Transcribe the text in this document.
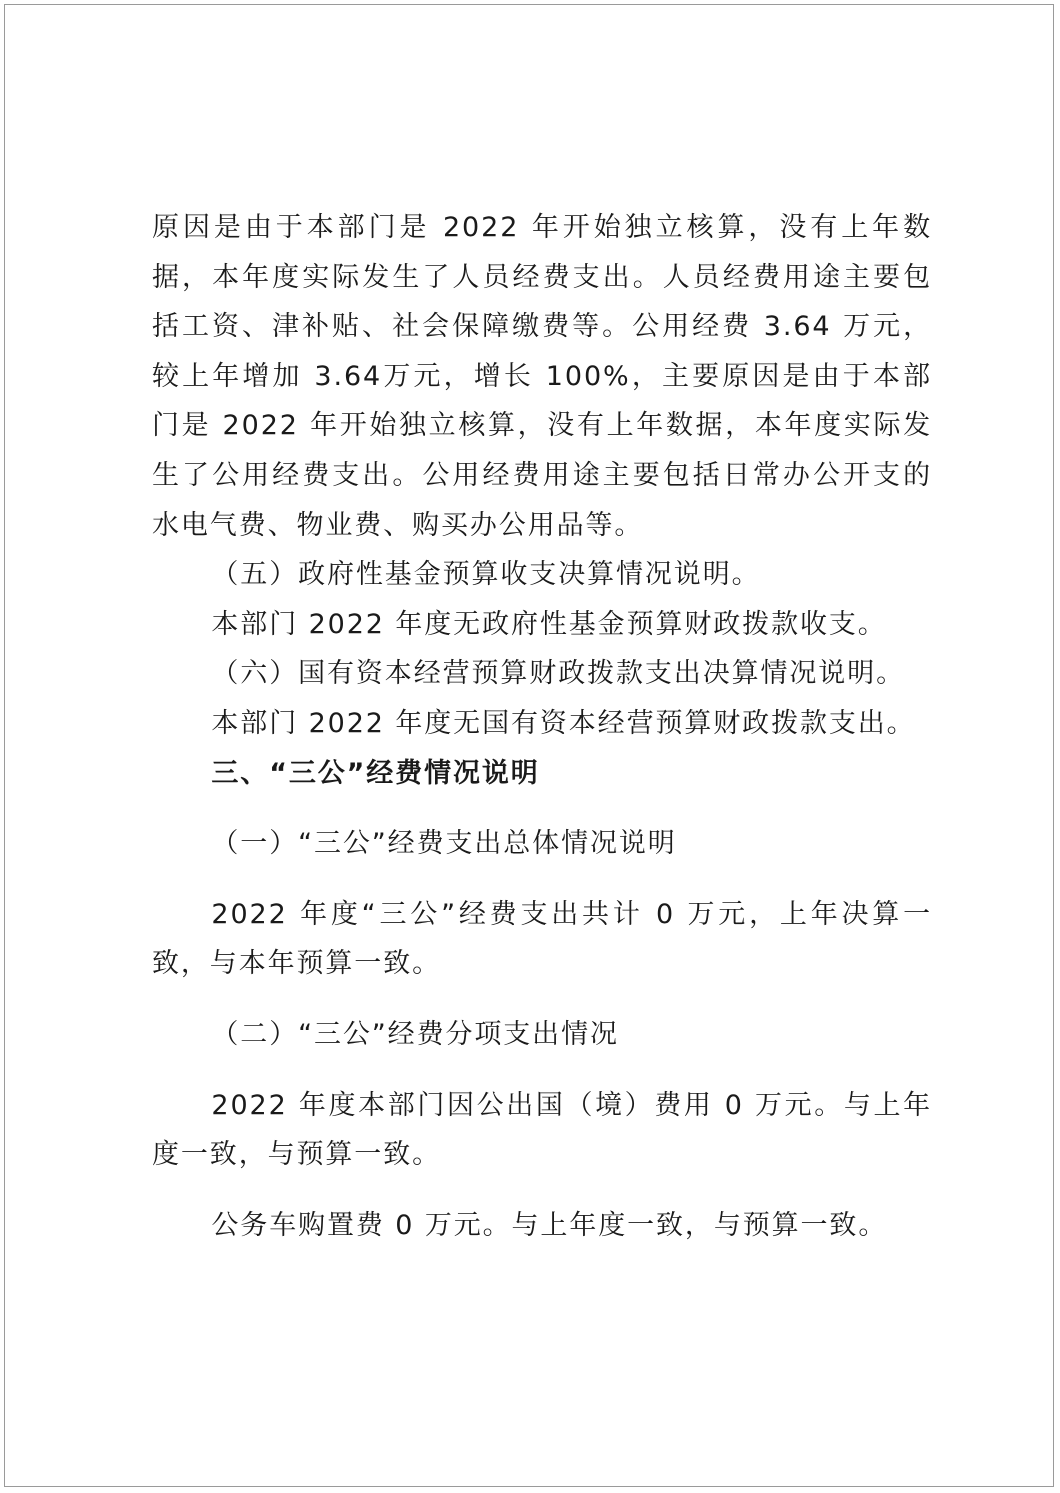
原因是由于本部门是 2022 年开始独立核算，没有上年数据，本年度实际发生了人员经费支出。人员经费用途主要包括工资、津补贴、社会保障缴费等。公用经费 3.64 万元，较上年增加 3.64万元，增长 100%，主要原因是由于本部门是 2022 年开始独立核算，没有上年数据，本年度实际发生了公用经费支出。公用经费用途主要包括日常办公开支的水电气费、物业费、购买办公用品等。

（五）政府性基金预算收支决算情况说明。

本部门 2022 年度无政府性基金预算财政拨款收支。

（六）国有资本经营预算财政拨款支出决算情况说明。

本部门 2022 年度无国有资本经营预算财政拨款支出。

三、“三公”经费情况说明

（一）“三公”经费支出总体情况说明

2022 年度“三公”经费支出共计 0 万元，上年决算一致，与本年预算一致。

（二）“三公”经费分项支出情况

2022 年度本部门因公出国（境）费用 0 万元。与上年度一致，与预算一致。

公务车购置费 0 万元。与上年度一致，与预算一致。
